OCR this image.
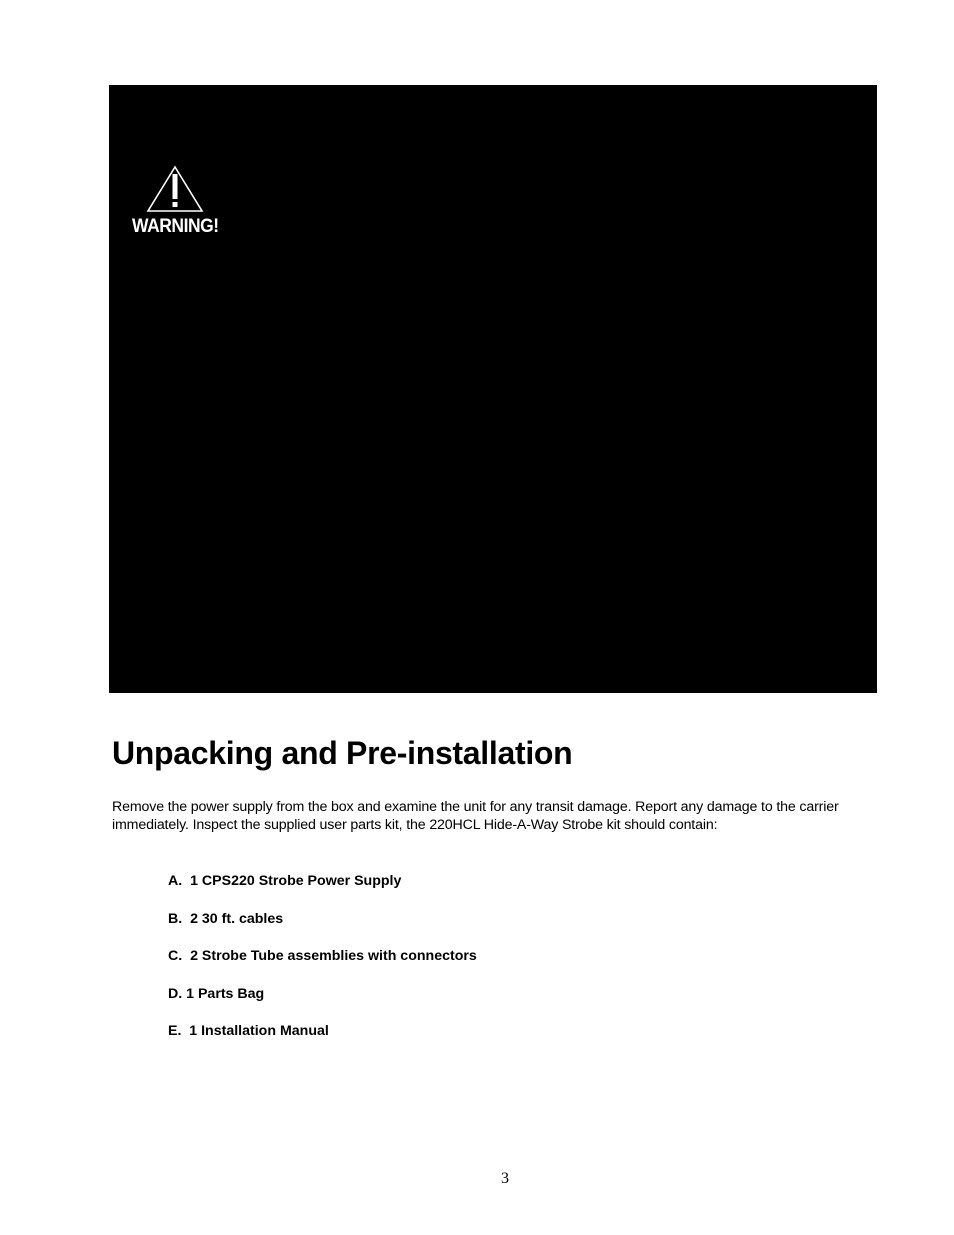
WARNING!
Unpacking and Pre-installation

Remove the power supply from the box and examine the unit for any transit damage. Report any damage to the carrier immediately. Inspect the supplied user parts kit, the 220HCL Hide-A-Way Strobe kit should contain:

A.  1 CPS220 Strobe Power Supply
B.  2 30 ft. cables
C.  2 Strobe Tube assemblies with connectors
D. 1 Parts Bag
E.  1 Installation Manual
3
